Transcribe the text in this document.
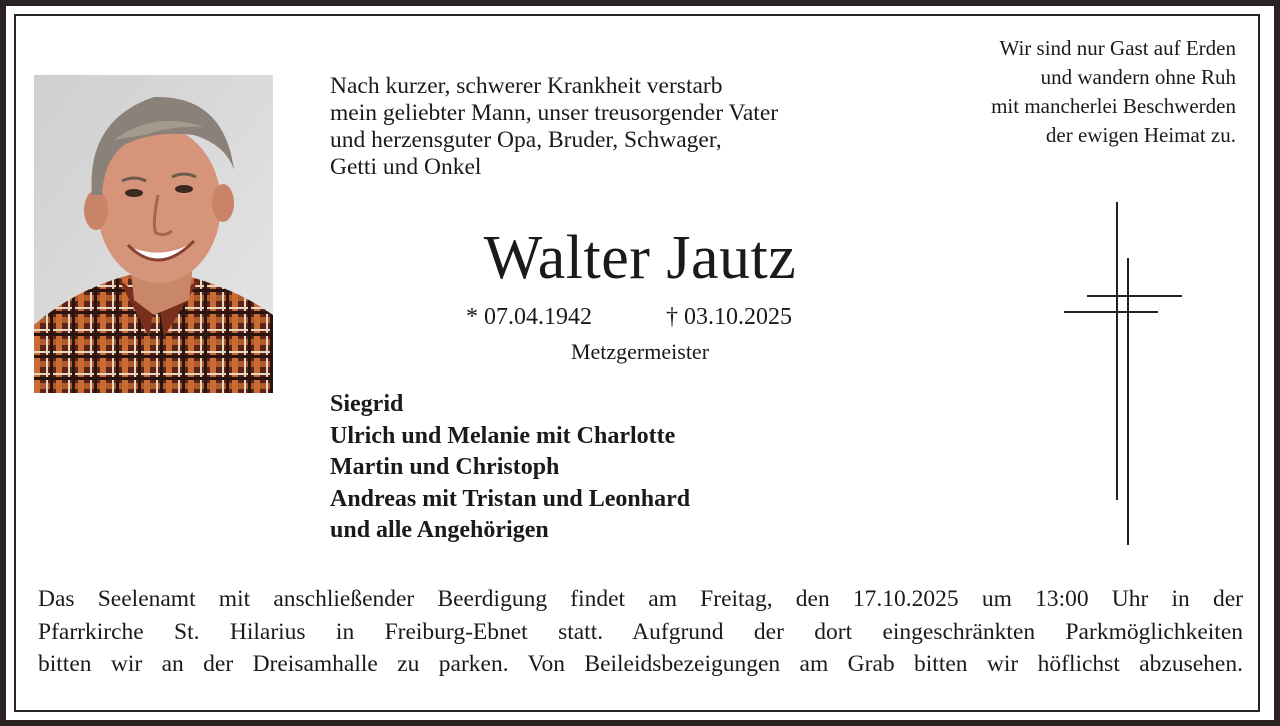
Nach kurzer, schwerer Krankheit verstarb
mein geliebter Mann, unser treusorgender Vater
und herzensguter Opa, Bruder, Schwager,
Getti und Onkel
Wir sind nur Gast auf Erden
und wandern ohne Ruh
mit mancherlei Beschwerden
der ewigen Heimat zu.
Walter Jautz
* 07.04.1942	† 03.10.2025
Metzgermeister
Siegrid
Ulrich und Melanie mit Charlotte
Martin und Christoph
Andreas mit Tristan und Leonhard
und alle Angehörigen
Das Seelenamt mit anschließender Beerdigung findet am Freitag, den 17.10.2025 um 13:00 Uhr in der
Pfarrkirche St. Hilarius in Freiburg-Ebnet statt. Aufgrund der dort eingeschränkten Parkmöglichkeiten
bitten wir an der Dreisamhalle zu parken. Von Beileidsbezeigungen am Grab bitten wir höflichst abzusehen.
